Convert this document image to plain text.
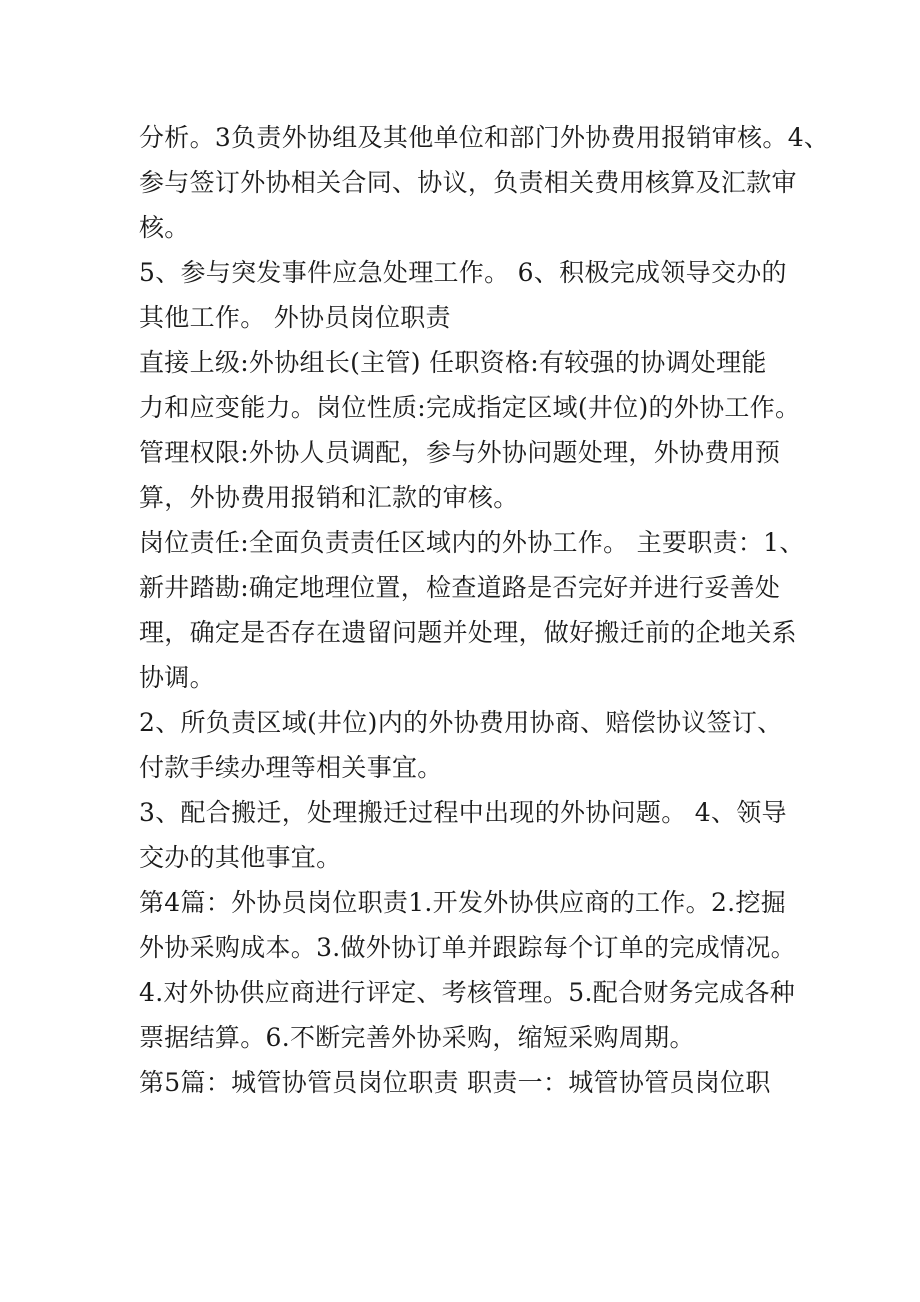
分析。3负责外协组及其他单位和部门外协费用报销审核。4、
参与签订外协相关合同、协议，负责相关费用核算及汇款审
核。
5、参与突发事件应急处理工作。 6、积极完成领导交办的
其他工作。 外协员岗位职责
直接上级:外协组长(主管) 任职资格:有较强的协调处理能
力和应变能力。岗位性质:完成指定区域(井位)的外协工作。
管理权限:外协人员调配，参与外协问题处理，外协费用预
算，外协费用报销和汇款的审核。
岗位责任:全面负责责任区域内的外协工作。 主要职责：1、
新井踏勘:确定地理位置，检查道路是否完好并进行妥善处
理，确定是否存在遗留问题并处理，做好搬迁前的企地关系
协调。
2、所负责区域(井位)内的外协费用协商、赔偿协议签订、
付款手续办理等相关事宜。
3、配合搬迁，处理搬迁过程中出现的外协问题。 4、领导
交办的其他事宜。
第4篇：外协员岗位职责1.开发外协供应商的工作。2.挖掘
外协采购成本。3.做外协订单并跟踪每个订单的完成情况。
4.对外协供应商进行评定、考核管理。5.配合财务完成各种
票据结算。6.不断完善外协采购，缩短采购周期。
第5篇：城管协管员岗位职责 职责一：城管协管员岗位职
